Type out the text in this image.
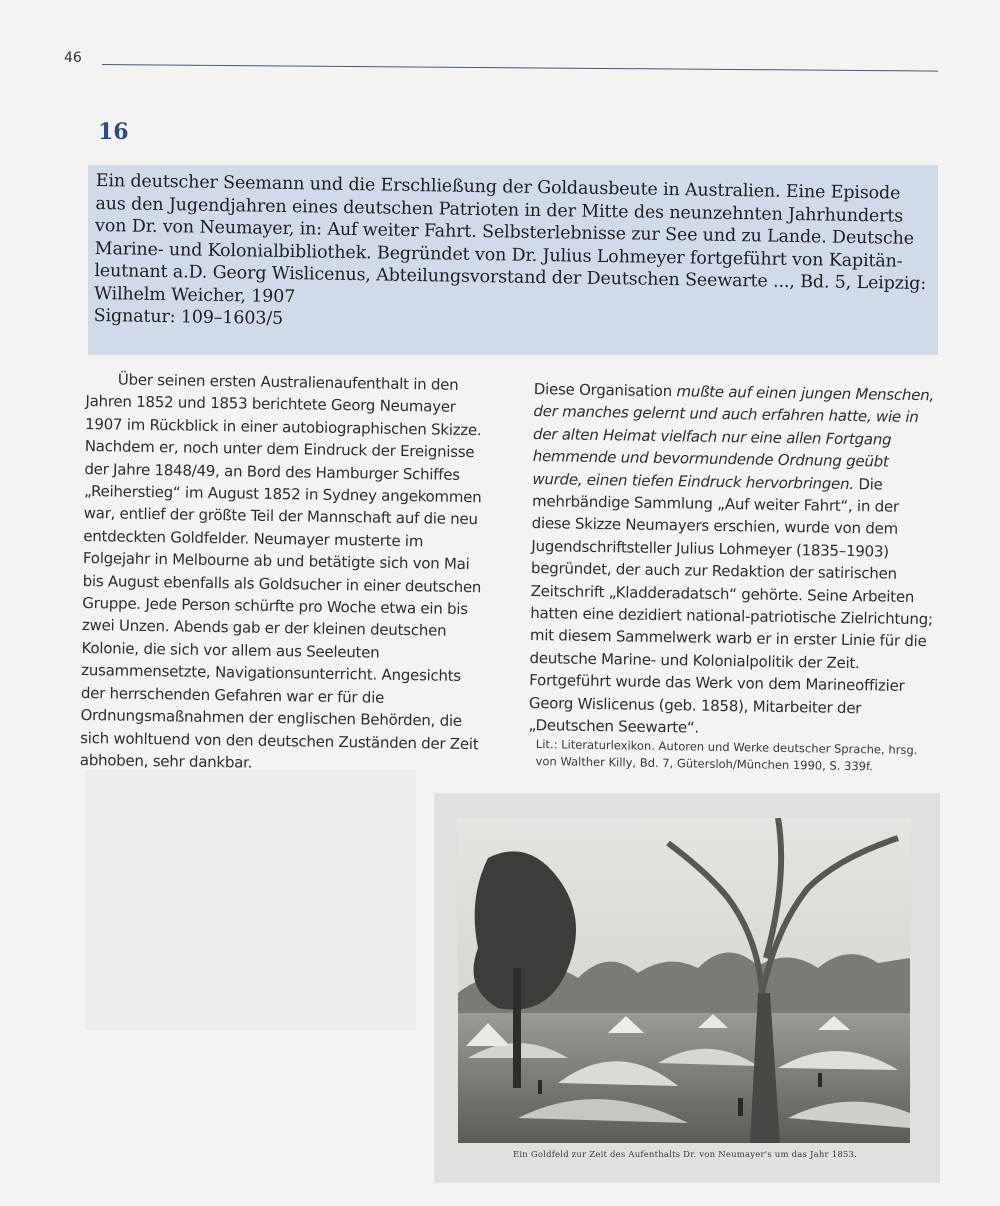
46
16
Ein deutscher Seemann und die Erschließung der Goldausbeute in Australien. Eine Episode aus den Jugendjahren eines deutschen Patrioten in der Mitte des neunzehnten Jahrhunderts von Dr. von Neumayer, in: Auf weiter Fahrt. Selbsterlebnisse zur See und zu Lande. Deutsche Marine- und Kolonialbibliothek. Begründet von Dr. Julius Lohmeyer fortgeführt von Kapitän-leutnant a.D. Georg Wislicenus, Abteilungsvorstand der Deutschen Seewarte ..., Bd. 5, Leipzig: Wilhelm Weicher, 1907
Signatur: 109–1603/5

Über seinen ersten Australienaufenthalt in den Jahren 1852 und 1853 berichtete Georg Neumayer 1907 im Rückblick in einer autobiographischen Skizze. Nachdem er, noch unter dem Eindruck der Ereignisse der Jahre 1848/49, an Bord des Hamburger Schiffes „Reiherstieg“ im August 1852 in Sydney angekommen war, entlief der größte Teil der Mannschaft auf die neu entdeckten Goldfelder. Neumayer musterte im Folgejahr in Melbourne ab und betätigte sich von Mai bis August ebenfalls als Goldsucher in einer deutschen Gruppe. Jede Person schürfte pro Woche etwa ein bis zwei Unzen. Abends gab er der kleinen deutschen Kolonie, die sich vor allem aus Seeleuten zusammensetzte, Navigationsunterricht. Angesichts der herrschenden Gefahren war er für die Ordnungsmaßnahmen der englischen Behörden, die sich wohltuend von den deutschen Zuständen der Zeit abhoben, sehr dankbar.

Diese Organisation mußte auf einen jungen Menschen, der manches gelernt und auch erfahren hatte, wie in der alten Heimat vielfach nur eine allen Fortgang hemmende und bevormundende Ordnung geübt wurde, einen tiefen Eindruck hervorbringen. Die mehrbändige Sammlung „Auf weiter Fahrt“, in der diese Skizze Neumayers erschien, wurde von dem Jugendschriftsteller Julius Lohmeyer (1835–1903) begründet, der auch zur Redaktion der satirischen Zeitschrift „Kladderadatsch“ gehörte. Seine Arbeiten hatten eine dezidiert national-patriotische Zielrichtung; mit diesem Sammelwerk warb er in erster Linie für die deutsche Marine- und Kolonialpolitik der Zeit. Fortgeführt wurde das Werk von dem Marineoffizier Georg Wislicenus (geb. 1858), Mitarbeiter der „Deutschen Seewarte“.

Lit.: Literaturlexikon. Autoren und Werke deutscher Sprache, hrsg. von Walther Killy, Bd. 7, Gütersloh/München 1990, S. 339f.
Ein Goldfeld zur Zeit des Aufenthalts Dr. von Neumayer's um das Jahr 1853.
